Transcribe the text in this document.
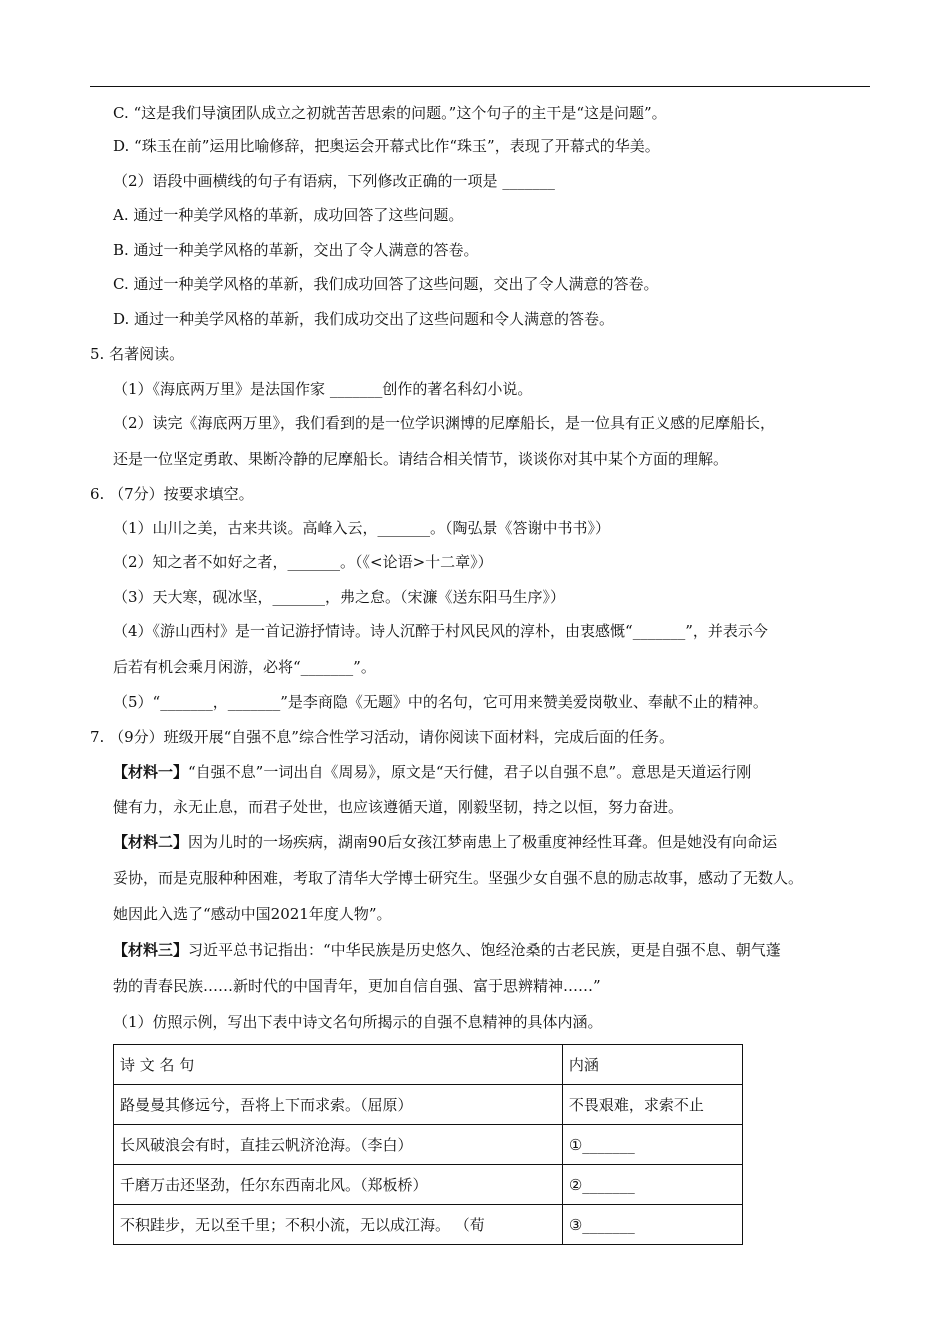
C. “这是我们导演团队成立之初就苦苦思索的问题。”这个句子的主干是“这是问题”。
D. “珠玉在前”运用比喻修辞，把奥运会开幕式比作“珠玉”，表现了开幕式的华美。
（2）语段中画横线的句子有语病，下列修改正确的一项是 _______
A. 通过一种美学风格的革新，成功回答了这些问题。
B. 通过一种美学风格的革新，交出了令人满意的答卷。
C. 通过一种美学风格的革新，我们成功回答了这些问题，交出了令人满意的答卷。
D. 通过一种美学风格的革新，我们成功交出了这些问题和令人满意的答卷。
5. 名著阅读。
（1）《海底两万里》是法国作家 _______创作的著名科幻小说。
（2）读完《海底两万里》，我们看到的是一位学识渊博的尼摩船长，是一位具有正义感的尼摩船长，
还是一位坚定勇敢、果断冷静的尼摩船长。请结合相关情节，谈谈你对其中某个方面的理解。
6. （7分）按要求填空。
（1）山川之美，古来共谈。高峰入云，_______。（陶弘景《答谢中书书》）
（2）知之者不如好之者，_______。（《<论语>十二章》）
（3）天大寒，砚冰坚，_______，弗之怠。（宋濂《送东阳马生序》）
（4）《游山西村》是一首记游抒情诗。诗人沉醉于村风民风的淳朴，由衷感慨“_______”，并表示今
后若有机会乘月闲游，必将“_______”。
（5）“_______，_______”是李商隐《无题》中的名句，它可用来赞美爱岗敬业、奉献不止的精神。
7. （9分）班级开展“自强不息”综合性学习活动，请你阅读下面材料，完成后面的任务。
【材料一】“自强不息”一词出自《周易》，原文是“天行健，君子以自强不息”。意思是天道运行刚
健有力，永无止息，而君子处世，也应该遵循天道，刚毅坚韧，持之以恒，努力奋进。
【材料二】因为儿时的一场疾病，湖南90后女孩江梦南患上了极重度神经性耳聋。但是她没有向命运
妥协，而是克服种种困难，考取了清华大学博士研究生。坚强少女自强不息的励志故事，感动了无数人。
她因此入选了“感动中国2021年度人物”。
【材料三】习近平总书记指出：“中华民族是历史悠久、饱经沧桑的古老民族，更是自强不息、朝气蓬
勃的青春民族……新时代的中国青年，更加自信自强、富于思辨精神……”
（1）仿照示例，写出下表中诗文名句所揭示的自强不息精神的具体内涵。
诗 文 名 句	内涵
路曼曼其修远兮，吾将上下而求索。（屈原）	不畏艰难，求索不止
长风破浪会有时，直挂云帆济沧海。（李白）	①_______
千磨万击还坚劲，任尔东西南北风。（郑板桥）	②_______
不积跬步，无以至千里；不积小流，无以成江海。 （荀	③_______
